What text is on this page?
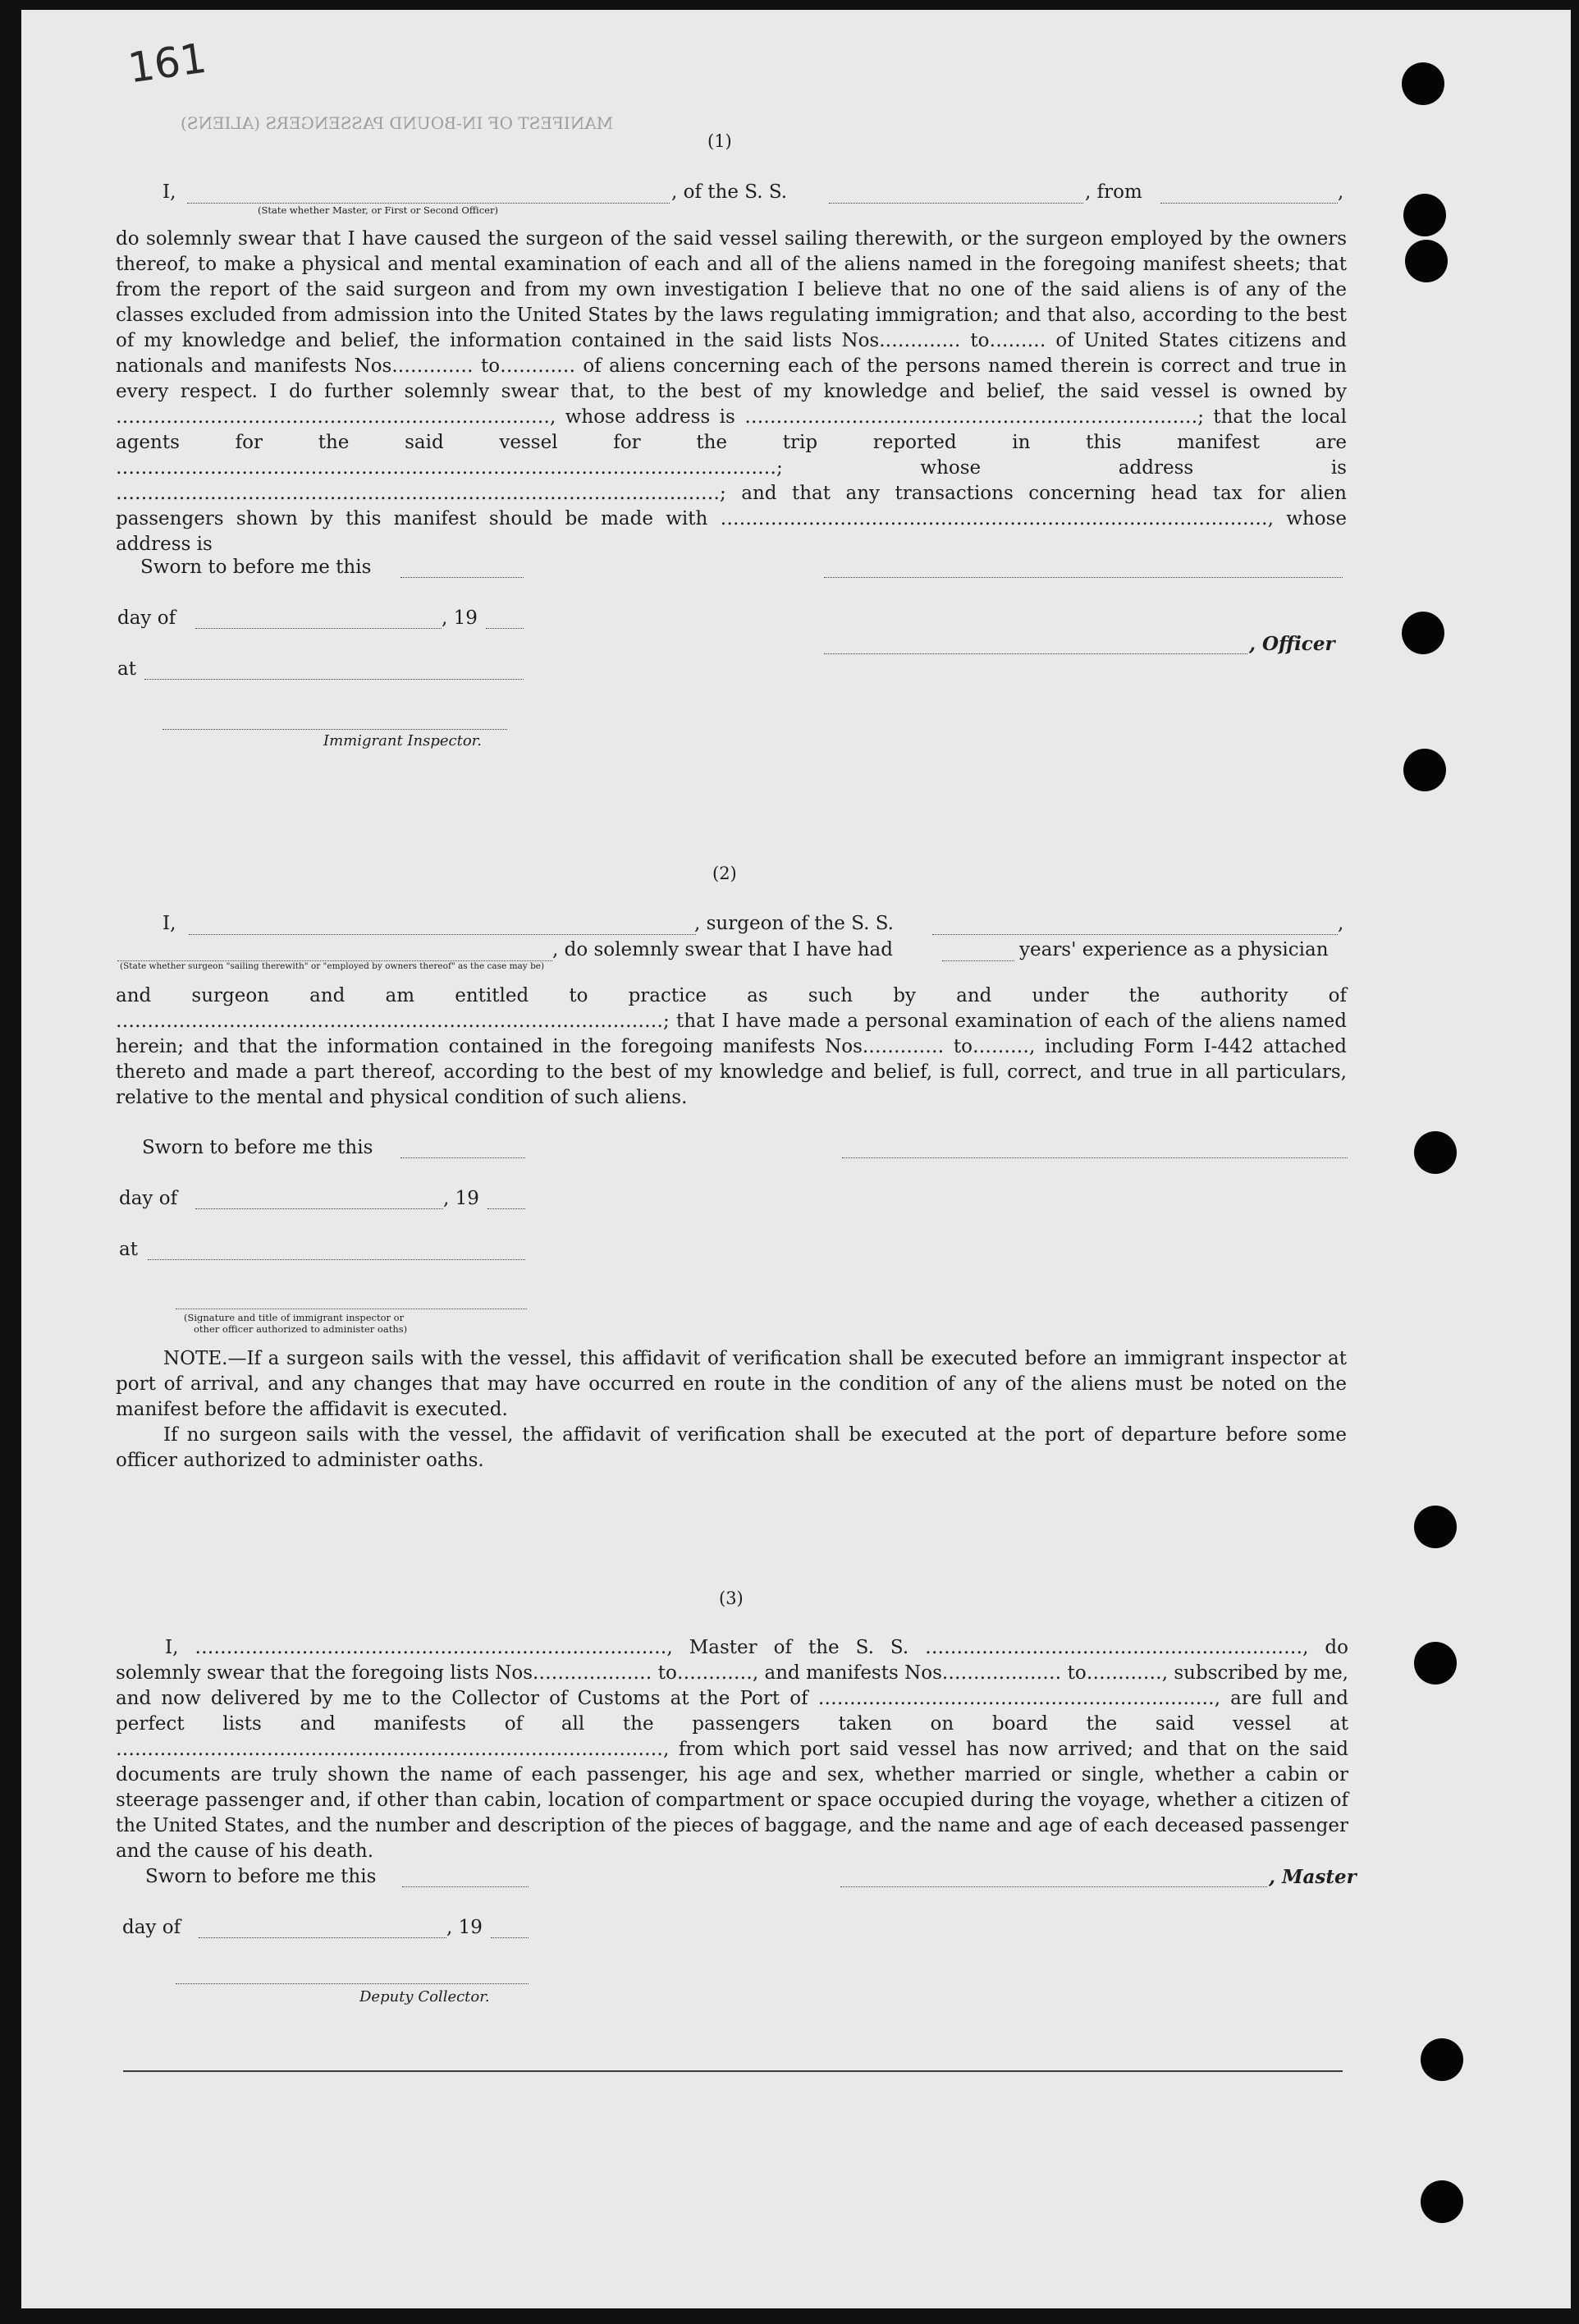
161
MANIFEST OF IN-BOUND PASSENGERS (ALIENS)
(1)
I,	, of the S. S.	, from	,
(State whether Master, or First or Second Officer)

do solemnly swear that I have caused the surgeon of the said vessel sailing therewith, or the surgeon employed by the owners thereof, to make a physical and mental examination of each and all of the aliens named in the foregoing manifest sheets; that from the report of the said surgeon and from my own investigation I believe that no one of the said aliens is of any of the classes excluded from admission into the United States by the laws regulating immigration; and that also, according to the best of my knowledge and belief, the information contained in the said lists Nos.………… to……… of United States citizens and nationals and manifests Nos.………… to………… of aliens concerning each of the persons named therein is correct and true in every respect. I do further solemnly swear that, to the best of my knowledge and belief, the said vessel is owned by ……………………………………………………………, whose address is ………………………………………………………………; that the local agents for the said vessel for the trip reported in this manifest are ……………………………………………………………………………………………; whose address is ……………………………………………………………………………………; and that any transactions concerning head tax for alien passengers shown by this manifest should be made with ……………………………………………………………………………, whose address is

Sworn to before me this
day of	, 19
, Officer
at
Immigrant Inspector.
(2)
I,	, surgeon of the S. S.	,
, do solemnly swear that I have had	years' experience as a physician
(State whether surgeon "sailing therewith" or "employed by owners thereof" as the case may be)

and surgeon and am entitled to practice as such by and under the authority of ……………………………………………………………………………; that I have made a personal examination of each of the aliens named herein; and that the information contained in the foregoing manifests Nos.………… to………, including Form I-442 attached thereto and made a part thereof, according to the best of my knowledge and belief, is full, correct, and true in all particulars, relative to the mental and physical condition of such aliens.

Sworn to before me this
day of	, 19
at
(Signature and title of immigrant inspector or
other officer authorized to administer oaths)

NOTE.—If a surgeon sails with the vessel, this affidavit of verification shall be executed before an immigrant inspector at port of arrival, and any changes that may have occurred en route in the condition of any of the aliens must be noted on the manifest before the affidavit is executed.

If no surgeon sails with the vessel, the affidavit of verification shall be executed at the port of departure before some officer authorized to administer oaths.

(3)

I, …………………………………………………………………, Master of the S. S. ……………………………………………………, do solemnly swear that the foregoing lists Nos.……………… to…………, and manifests Nos.……………… to…………, subscribed by me, and now delivered by me to the Collector of Customs at the Port of ………………………………………………………, are full and perfect lists and manifests of all the passengers taken on board the said vessel at ……………………………………………………………………………, from which port said vessel has now arrived; and that on the said documents are truly shown the name of each passenger, his age and sex, whether married or single, whether a cabin or steerage passenger and, if other than cabin, location of compartment or space occupied during the voyage, whether a citizen of the United States, and the number and description of the pieces of baggage, and the name and age of each deceased passenger and the cause of his death.

Sworn to before me this	, Master
day of	, 19
Deputy Collector.
